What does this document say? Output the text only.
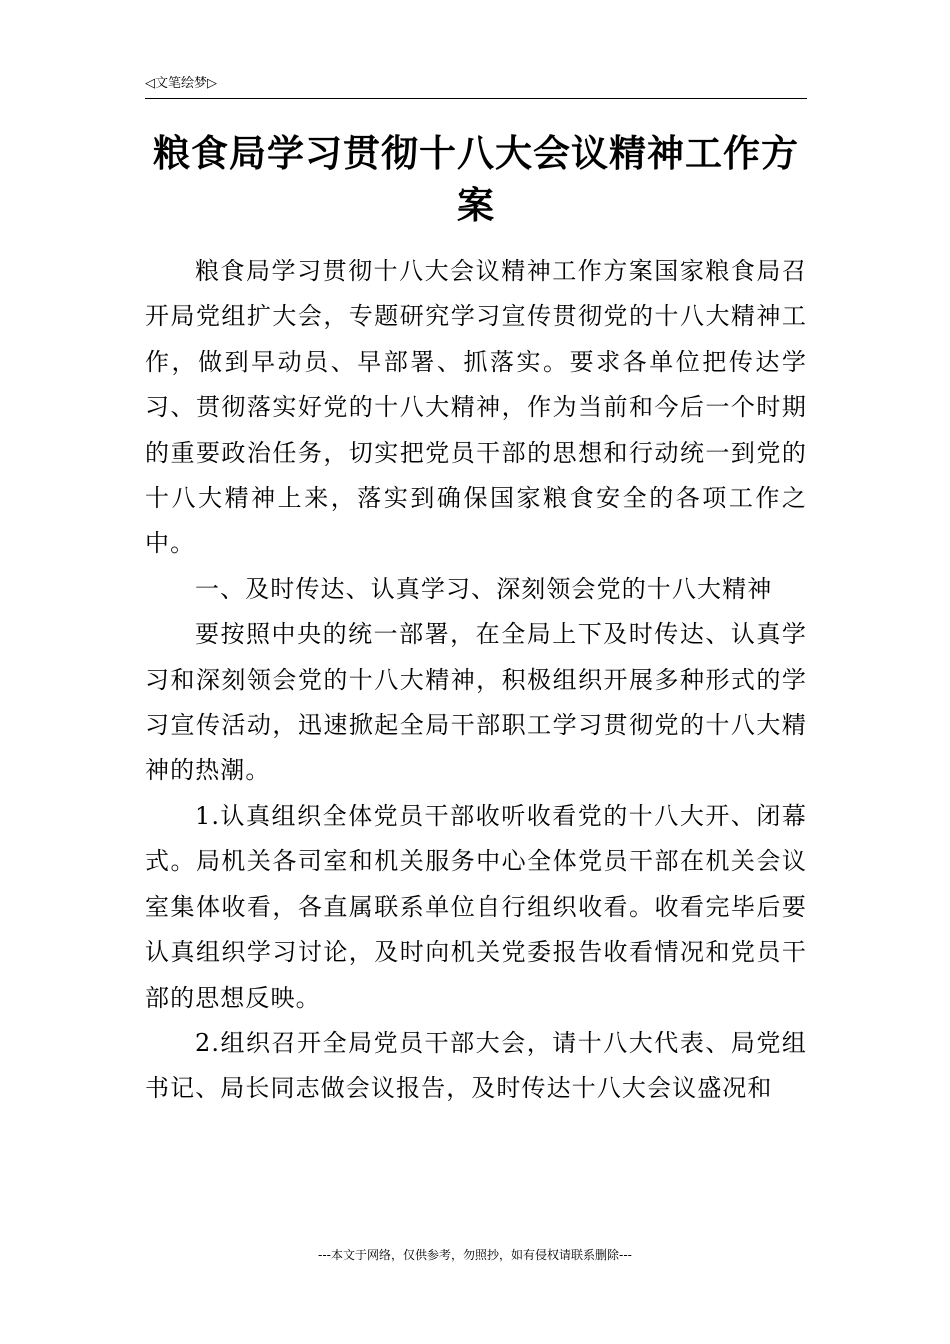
◁文笔绘梦▷
粮食局学习贯彻十八大会议精神工作方案

粮食局学习贯彻十八大会议精神工作方案国家粮食局召开局党组扩大会，专题研究学习宣传贯彻党的十八大精神工作，做到早动员、早部署、抓落实。要求各单位把传达学习、贯彻落实好党的十八大精神，作为当前和今后一个时期的重要政治任务，切实把党员干部的思想和行动统一到党的十八大精神上来，落实到确保国家粮食安全的各项工作之中。

一、及时传达、认真学习、深刻领会党的十八大精神

要按照中央的统一部署，在全局上下及时传达、认真学习和深刻领会党的十八大精神，积极组织开展多种形式的学习宣传活动，迅速掀起全局干部职工学习贯彻党的十八大精神的热潮。

1.认真组织全体党员干部收听收看党的十八大开、闭幕式。局机关各司室和机关服务中心全体党员干部在机关会议室集体收看，各直属联系单位自行组织收看。收看完毕后要认真组织学习讨论，及时向机关党委报告收看情况和党员干部的思想反映。

2.组织召开全局党员干部大会，请十八大代表、局党组书记、局长同志做会议报告，及时传达十八大会议盛况和

---本文于网络，仅供参考，勿照抄，如有侵权请联系删除---
